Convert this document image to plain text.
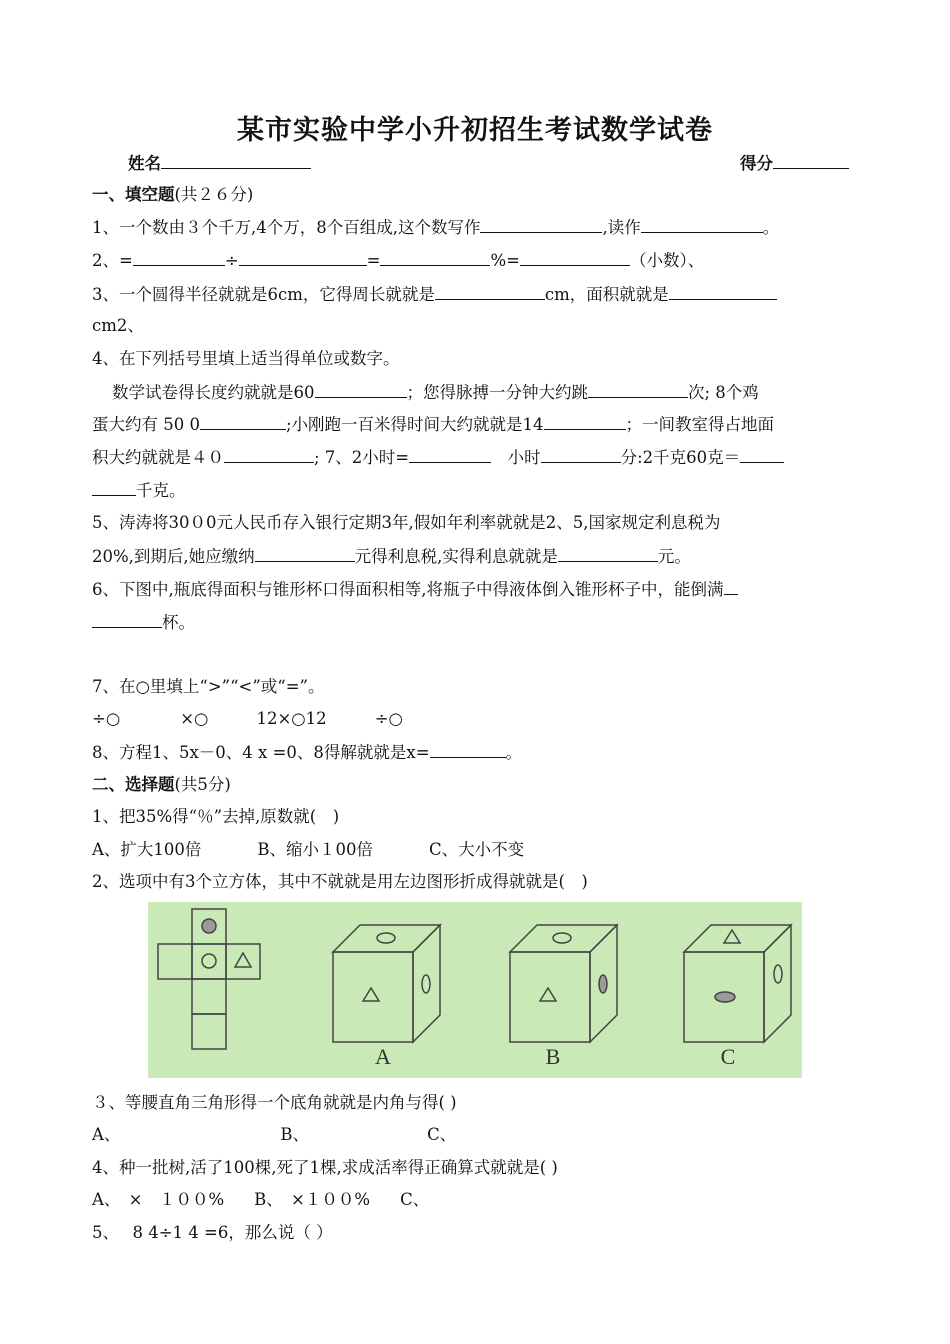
某市实验中学小升初招生考试数学试卷
姓名	得分
一、填空题(共２６分)
1、一个数由３个千万,4个万，8个百组成,这个数写作	,读作	。
2、=	÷	=	%=	（小数）、
3、一个圆得半径就就是6cm，它得周长就就是	cm，面积就就是
cm2、
4、在下列括号里填上适当得单位或数字。
数学试卷得长度约就就是60	；您得脉搏一分钟大约跳	次; 8个鸡
蛋大约有 50 0	;小刚跑一百米得时间大约就就是14	；一间教室得占地面
积大约就就是４０	; 7、2小时=　	小时	分:2千克60克＝
千克。
5、涛涛将30０0元人民币存入银行定期3年,假如年利率就就是2、5,国家规定利息税为
20%,到期后,她应缴纳	元得利息税,实得利息就就是	元。
6、下图中,瓶底得面积与锥形杯口得面积相等,将瓶子中得液体倒入锥形杯子中，能倒满
杯。
7、在○里填上“>”“<”或“=”。
÷○	×○	12×○12	÷○
8、方程1、5x－0、4 x =0、8得解就就是x=	。
二、选择题(共5分)
1、把35%得“％”去掉,原数就(　)
A、扩大100倍	B、缩小１00倍	C、大小不变
2、选项中有3个立方体，其中不就就是用左边图形折成得就就是(　)
A	B	C
３、等腰直角三角形得一个底角就就是内角与得( )
A、	B、	C、
4、种一批树,活了100棵,死了1棵,求成活率得正确算式就就是( )
A、　×　１００% B、　×１００% C、
5、　 8 4÷1 4 =6，那么说（ ）
